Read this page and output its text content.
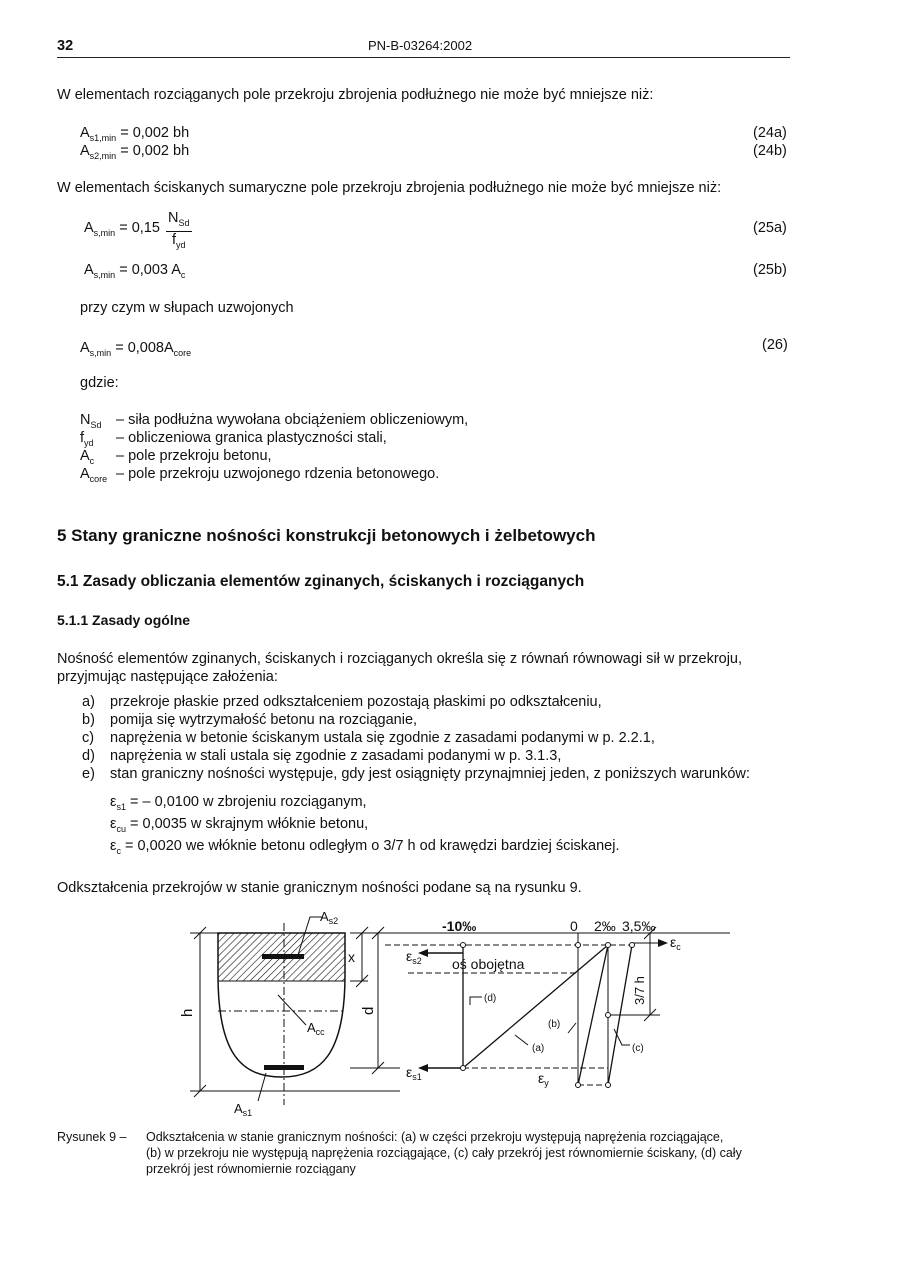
32	PN-B-03264:2002
W elementach rozciąganych pole przekroju zbrojenia podłużnego nie może być mniejsze niż:
$A_{s1,min} = 0,002$ bh	(24a)
$A_{s2,min} = 0,002$ bh	(24b)
W elementach ściskanych sumaryczne pole przekroju zbrojenia podłużnego nie może być mniejsze niż:
$A_{s,min} = 0,15$
$N_{Sd}$
$f_{yd}$
(25a)
$A_{s,min} = 0,003$ $A_c$	(25b)
przy czym w słupach uzwojonych
$A_{s,min} = 0,008A_{core}$	(26)
gdzie:
$N_{Sd}$ – siła podłużna wywołana obciążeniem obliczeniowym,
$f_{yd}$ – obliczeniowa granica plastyczności stali,
$A_c$ – pole przekroju betonu,
$A_{core}$ – pole przekroju uzwojonego rdzenia betonowego.
5 Stany graniczne nośności konstrukcji betonowych i żelbetowych
5.1 Zasady obliczania elementów zginanych, ściskanych i rozciąganych
5.1.1 Zasady ogólne
Nośność elementów zginanych, ściskanych i rozciąganych określa się z równań równowagi sił w przekroju,
przyjmując następujące założenia:
a) przekroje płaskie przed odkształceniem pozostają płaskimi po odkształceniu,
b) pomija się wytrzymałość betonu na rozciąganie,
c) naprężenia w betonie ściskanym ustala się zgodnie z zasadami podanymi w p. 2.2.1,
d) naprężenia w stali ustala się zgodnie z zasadami podanymi w p. 3.1.3,
e) stan graniczny nośności występuje, gdy jest osiągnięty przynajmniej jeden, z poniższych warunków:
$\varepsilon_{s1}$ = – 0,0100 w zbrojeniu rozciąganym,
$\varepsilon_{cu} = 0,0035$ w skrajnym włóknie betonu,
$\varepsilon_c = 0,0020$ we włóknie betonu odległym o 3/7 h od krawędzi bardziej ściskanej.
Odkształcenia przekrojów w stanie granicznym nośności podane są na rysunku 9.
$A_{s2}$
$A_{s1}$
$A_{cc}$
h
x
d
-10‰	0 2‰ 3,5‰
$\varepsilon_{s2}$
$\varepsilon_{s1}$	$\varepsilon_y$
$\varepsilon_c$
oś obojętna
3/7 h
(a)
(b)
(c)
(d)
Rysunek 9 – Odkształcenia w stanie granicznym nośności: (a) w części przekroju występują naprężenia rozciągające,
(b) w przekroju nie występują naprężenia rozciągające, (c) cały przekrój jest równomiernie ściskany, (d) cały
przekrój jest równomiernie rozciągany
